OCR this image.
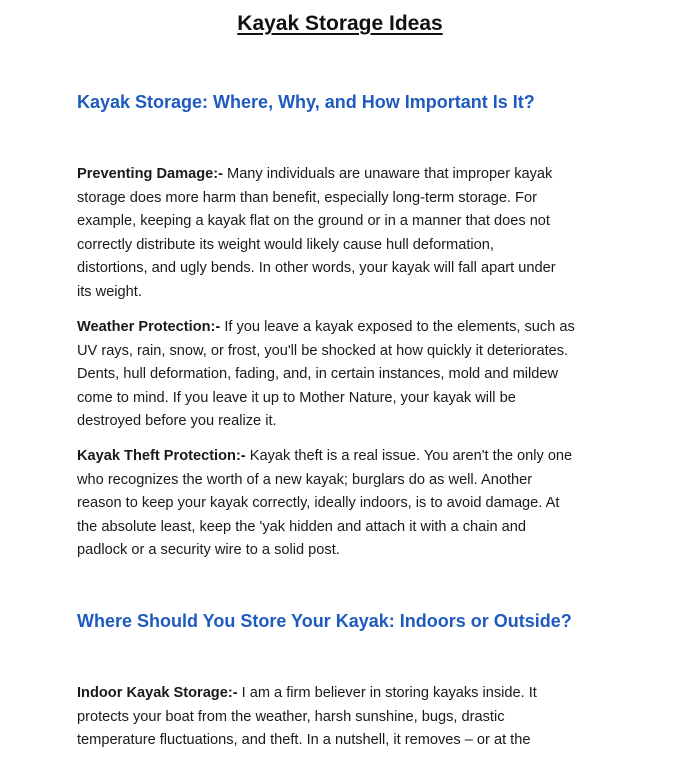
Kayak Storage Ideas
Kayak Storage: Where, Why, and How Important Is It?

Preventing Damage:- Many individuals are unaware that improper kayak
storage does more harm than benefit, especially long-term storage. For
example, keeping a kayak flat on the ground or in a manner that does not
correctly distribute its weight would likely cause hull deformation,
distortions, and ugly bends. In other words, your kayak will fall apart under
its weight.

Weather Protection:- If you leave a kayak exposed to the elements, such as
UV rays, rain, snow, or frost, you'll be shocked at how quickly it deteriorates.
Dents, hull deformation, fading, and, in certain instances, mold and mildew
come to mind. If you leave it up to Mother Nature, your kayak will be
destroyed before you realize it.

Kayak Theft Protection:- Kayak theft is a real issue. You aren't the only one
who recognizes the worth of a new kayak; burglars do as well. Another
reason to keep your kayak correctly, ideally indoors, is to avoid damage. At
the absolute least, keep the 'yak hidden and attach it with a chain and
padlock or a security wire to a solid post.

Where Should You Store Your Kayak: Indoors or Outside?

Indoor Kayak Storage:- I am a firm believer in storing kayaks inside. It
protects your boat from the weather, harsh sunshine, bugs, drastic
temperature fluctuations, and theft. In a nutshell, it removes – or at the
